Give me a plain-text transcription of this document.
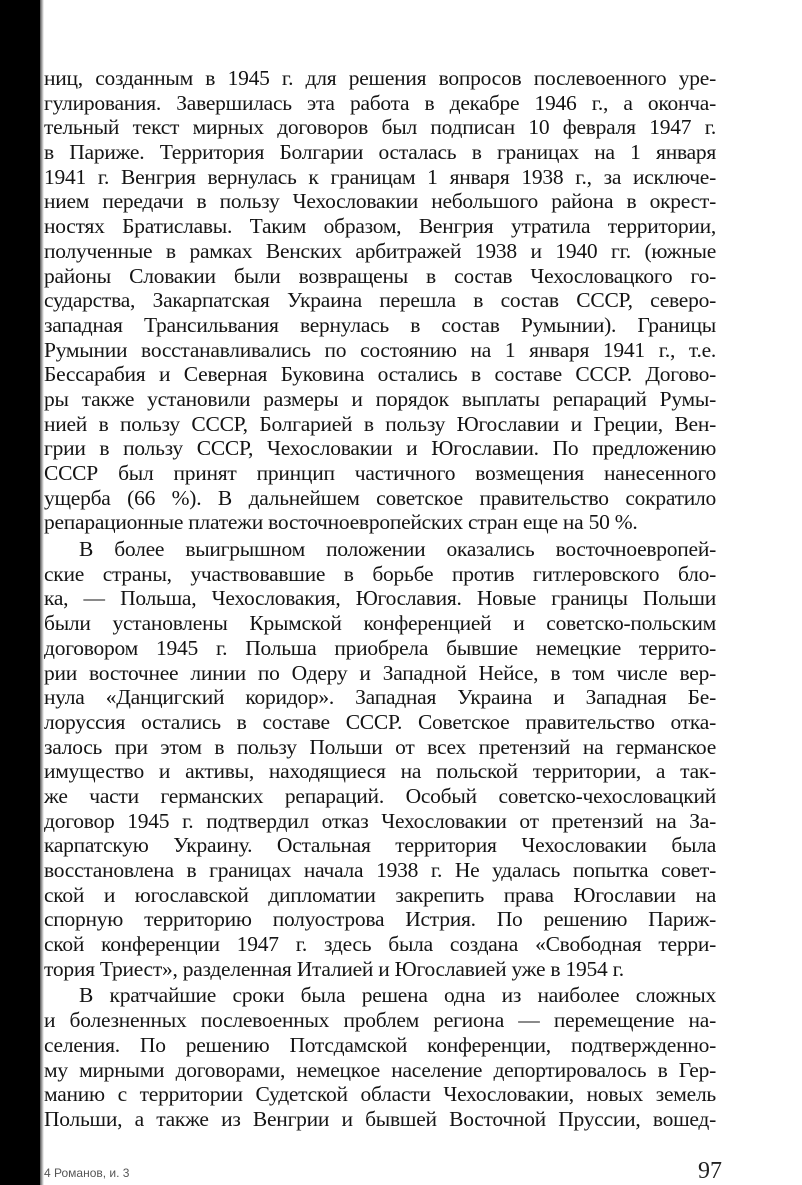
ниц, созданным в 1945 г. для решения вопросов послевоенного уре-
гулирования. Завершилась эта работа в декабре 1946 г., а оконча-
тельный текст мирных договоров был подписан 10 февраля 1947 г.
в Париже. Территория Болгарии осталась в границах на 1 января
1941 г. Венгрия вернулась к границам 1 января 1938 г., за исключе-
нием передачи в пользу Чехословакии небольшого района в окрест-
ностях Братиславы. Таким образом, Венгрия утратила территории,
полученные в рамках Венских арбитражей 1938 и 1940 гг. (южные
районы Словакии были возвращены в состав Чехословацкого го-
сударства, Закарпатская Украина перешла в состав СССР, северо-
западная Трансильвания вернулась в состав Румынии). Границы
Румынии восстанавливались по состоянию на 1 января 1941 г., т.е.
Бессарабия и Северная Буковина остались в составе СССР. Догово-
ры также установили размеры и порядок выплаты репараций Румы-
нией в пользу СССР, Болгарией в пользу Югославии и Греции, Вен-
грии в пользу СССР, Чехословакии и Югославии. По предложению
СССР был принят принцип частичного возмещения нанесенного
ущерба (66 %). В дальнейшем советское правительство сократило
репарационные платежи восточноевропейских стран еще на 50 %.
В более выигрышном положении оказались восточноевропей-
ские страны, участвовавшие в борьбе против гитлеровского бло-
ка, — Польша, Чехословакия, Югославия. Новые границы Польши
были установлены Крымской конференцией и советско-польским
договором 1945 г. Польша приобрела бывшие немецкие террито-
рии восточнее линии по Одеру и Западной Нейсе, в том числе вер-
нула «Данцигский коридор». Западная Украина и Западная Бе-
лоруссия остались в составе СССР. Советское правительство отка-
залось при этом в пользу Польши от всех претензий на германское
имущество и активы, находящиеся на польской территории, а так-
же части германских репараций. Особый советско-чехословацкий
договор 1945 г. подтвердил отказ Чехословакии от претензий на За-
карпатскую Украину. Остальная территория Чехословакии была
восстановлена в границах начала 1938 г. Не удалась попытка совет-
ской и югославской дипломатии закрепить права Югославии на
спорную территорию полуострова Истрия. По решению Париж-
ской конференции 1947 г. здесь была создана «Свободная терри-
тория Триест», разделенная Италией и Югославией уже в 1954 г.
В кратчайшие сроки была решена одна из наиболее сложных
и болезненных послевоенных проблем региона — перемещение на-
селения. По решению Потсдамской конференции, подтвержденно-
му мирными договорами, немецкое население депортировалось в Гер-
манию с территории Судетской области Чехословакии, новых земель
Польши, а также из Венгрии и бывшей Восточной Пруссии, вошед-
4 Романов, и. 3	97
